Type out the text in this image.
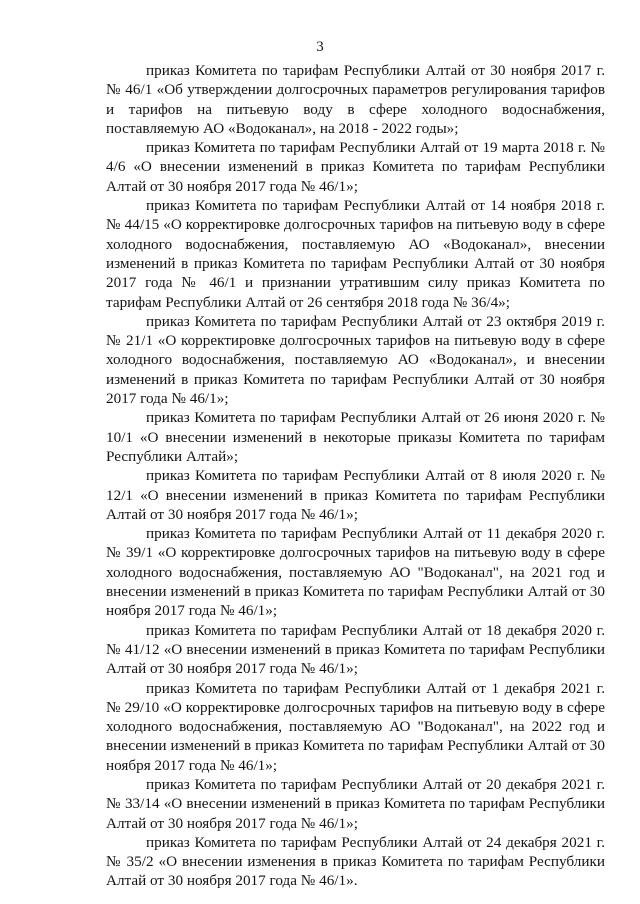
3

приказ Комитета по тарифам Республики Алтай от 30 ноября 2017 г. № 46/1 «Об утверждении долгосрочных параметров регулирования тарифов и тарифов на питьевую воду в сфере холодного водоснабжения, поставляемую АО «Водоканал», на 2018 - 2022 годы»;

приказ Комитета по тарифам Республики Алтай от 19 марта 2018 г. № 4/6 «О внесении изменений в приказ Комитета по тарифам Республики Алтай от 30 ноября 2017 года № 46/1»;

приказ Комитета по тарифам Республики Алтай от 14 ноября 2018 г. № 44/15 «О корректировке долгосрочных тарифов на питьевую воду в сфере холодного водоснабжения, поставляемую АО «Водоканал», внесении изменений в приказ Комитета по тарифам Республики Алтай от 30 ноября 2017 года № 46/1 и признании утратившим силу приказ Комитета по тарифам Республики Алтай от 26 сентября 2018 года № 36/4»;

приказ Комитета по тарифам Республики Алтай от 23 октября 2019 г. № 21/1 «О корректировке долгосрочных тарифов на питьевую воду в сфере холодного водоснабжения, поставляемую АО «Водоканал», и внесении изменений в приказ Комитета по тарифам Республики Алтай от 30 ноября 2017 года № 46/1»;

приказ Комитета по тарифам Республики Алтай от 26 июня 2020 г. № 10/1 «О внесении изменений в некоторые приказы Комитета по тарифам Республики Алтай»;

приказ Комитета по тарифам Республики Алтай от 8 июля 2020 г. № 12/1 «О внесении изменений в приказ Комитета по тарифам Республики Алтай от 30 ноября 2017 года № 46/1»;

приказ Комитета по тарифам Республики Алтай от 11 декабря 2020 г. № 39/1 «О корректировке долгосрочных тарифов на питьевую воду в сфере холодного водоснабжения, поставляемую АО "Водоканал", на 2021 год и внесении изменений в приказ Комитета по тарифам Республики Алтай от 30 ноября 2017 года № 46/1»;

приказ Комитета по тарифам Республики Алтай от 18 декабря 2020 г. № 41/12 «О внесении изменений в приказ Комитета по тарифам Республики Алтай от 30 ноября 2017 года № 46/1»;

приказ Комитета по тарифам Республики Алтай от 1 декабря 2021 г. № 29/10 «О корректировке долгосрочных тарифов на питьевую воду в сфере холодного водоснабжения, поставляемую АО "Водоканал", на 2022 год и внесении изменений в приказ Комитета по тарифам Республики Алтай от 30 ноября 2017 года № 46/1»;

приказ Комитета по тарифам Республики Алтай от 20 декабря 2021 г. № 33/14 «О внесении изменений в приказ Комитета по тарифам Республики Алтай от 30 ноября 2017 года № 46/1»;

приказ Комитета по тарифам Республики Алтай от 24 декабря 2021 г. № 35/2 «О внесении изменения в приказ Комитета по тарифам Республики Алтай от 30 ноября 2017 года № 46/1».
